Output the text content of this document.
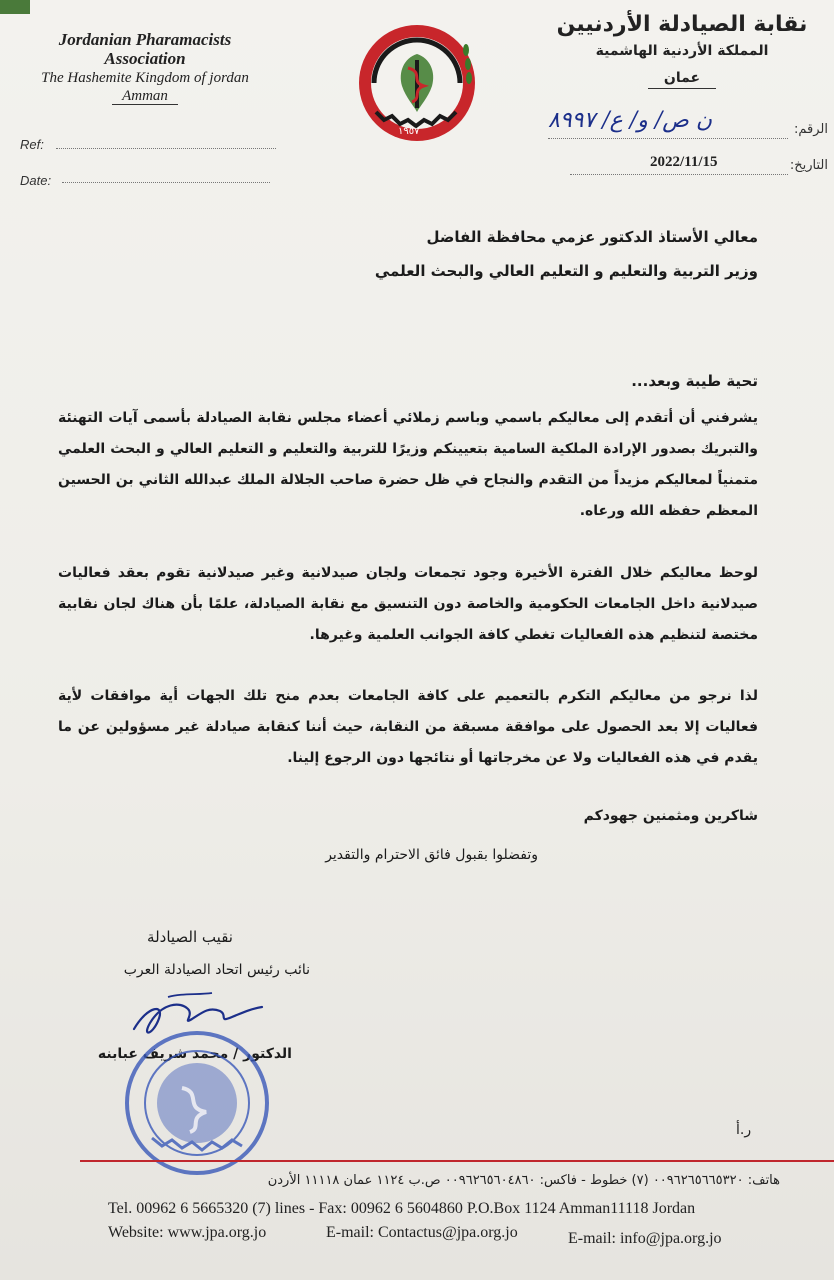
Jordanian Pharamacists Association
The Hashemite Kingdom of jordan
Amman
١٩٥٧
نقابة الصيادلة الأردنيين
المملكة الأردنية الهاشمية
عمان
Ref:
Date:
الرقم:
ن ص/ و/ ع/ ٨٩٩٧
التاريخ:
2022/11/15
معالي الأستاذ الدكتور عزمي محافظة الفاضل
وزير التربية والتعليم و التعليم العالي والبحث العلمي
تحية طيبة وبعد...
يشرفني أن أتقدم إلى معاليكم باسمي وباسم زملائي أعضاء مجلس نقابة الصيادلة بأسمى آيات التهنئة والتبريك بصدور الإرادة الملكية السامية بتعيينكم وزيرًا للتربية والتعليم و التعليم العالي و البحث العلمي متمنياً لمعاليكم مزيداً من التقدم والنجاح في ظل حضرة صاحب الجلالة الملك عبدالله الثاني بن الحسين المعظم حفظه الله ورعاه.
لوحظ معاليكم خلال الفترة الأخيرة وجود تجمعات ولجان صيدلانية وغير صيدلانية تقوم بعقد فعاليات صيدلانية داخل الجامعات الحكومية والخاصة دون التنسيق مع نقابة الصيادلة، علمًا بأن هناك لجان نقابية مختصة لتنظيم هذه الفعاليات تغطي كافة الجوانب العلمية وغيرها.
لذا نرجو من معاليكم التكرم بالتعميم على كافة الجامعات بعدم منح تلك الجهات أية موافقات لأية فعاليات إلا بعد الحصول على موافقة مسبقة من النقابة، حيث أننا كنقابة صيادلة غير مسؤولين عن ما يقدم في هذه الفعاليات ولا عن مخرجاتها أو نتائجها دون الرجوع إلينا.
شاكرين ومثمنين جهودكم
وتفضلوا بقبول فائق الاحترام والتقدير
نقيب الصيادلة
نائب رئيس اتحاد الصيادلة العرب
الدكتور / محمد شريف عبابنه
ر.أ
هاتف: ٠٠٩٦٢٦٥٦٦٥٣٢٠ (٧) خطوط - فاكس: ٠٠٩٦٢٦٥٦٠٤٨٦٠ ص.ب ١١٢٤ عمان ١١١١٨ الأردن
Tel. 00962 6 5665320 (7) lines - Fax: 00962 6 5604860 P.O.Box 1124 Amman11118 Jordan
Website: www.jpa.org.jo	E-mail: Contactus@jpa.org.jo	E-mail: info@jpa.org.jo
